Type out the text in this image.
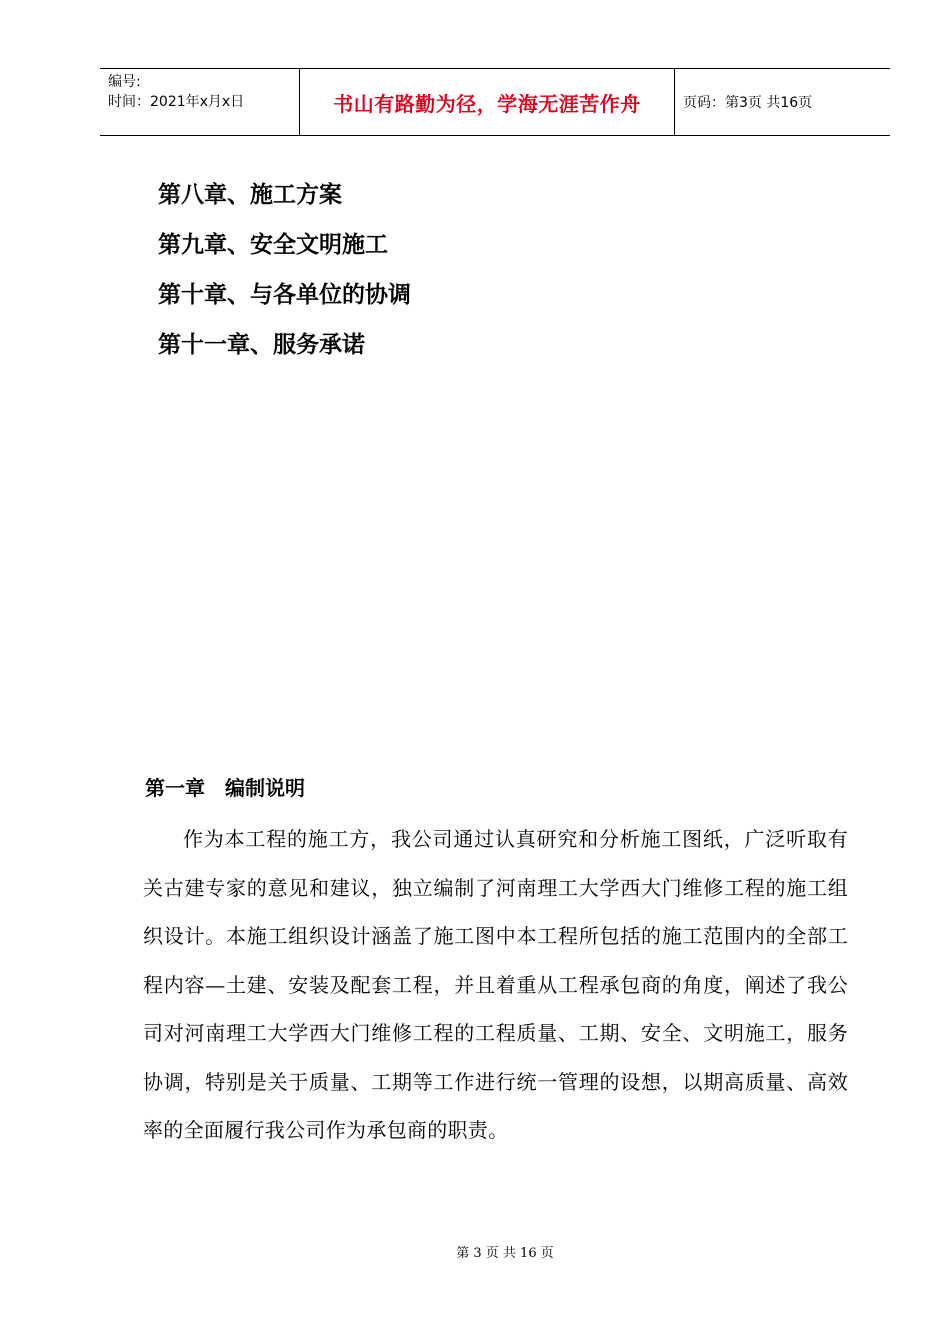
编号:
时间：2021年x月x日	书山有路勤为径，学海无涯苦作舟	页码：第3页 共16页
第八章、施工方案
第九章、安全文明施工
第十章、与各单位的协调
第十一章、服务承诺
第一章　编制说明

作为本工程的施工方，我公司通过认真研究和分析施工图纸，广泛听取有关古建专家的意见和建议，独立编制了河南理工大学西大门维修工程的施工组织设计。本施工组织设计涵盖了施工图中本工程所包括的施工范围内的全部工程内容—土建、安装及配套工程，并且着重从工程承包商的角度，阐述了我公司对河南理工大学西大门维修工程的工程质量、工期、安全、文明施工，服务协调，特别是关于质量、工期等工作进行统一管理的设想，以期高质量、高效率的全面履行我公司作为承包商的职责。

第 3 页 共 16 页
